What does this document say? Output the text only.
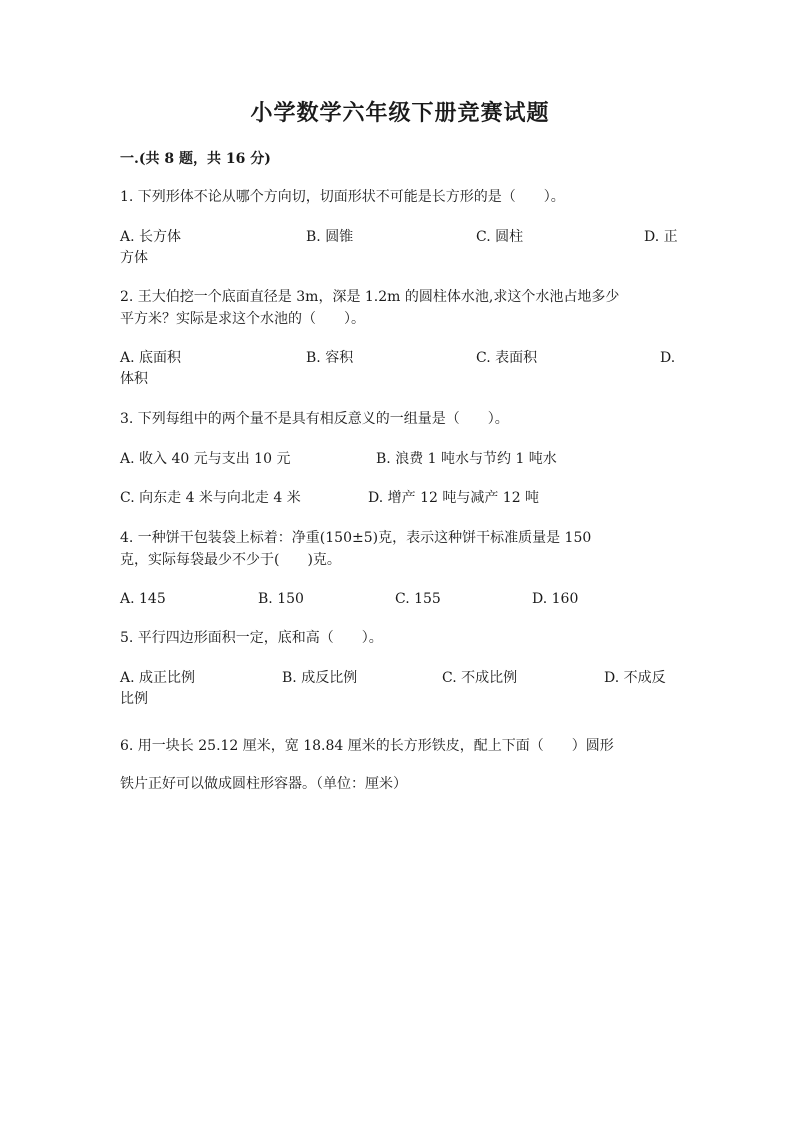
小学数学六年级下册竞赛试题
一.(共 8 题，共 16 分)
1. 下列形体不论从哪个方向切，切面形状不可能是长方形的是（　　）。
A. 长方体	B. 圆锥	C. 圆柱	D. 正
方体
2. 王大伯挖一个底面直径是 3m，深是 1.2m 的圆柱体水池,求这个水池占地多少
平方米？实际是求这个水池的（　　）。
A. 底面积	B. 容积	C. 表面积	D.
体积
3. 下列每组中的两个量不是具有相反意义的一组量是（　　）。
A. 收入 40 元与支出 10 元	B. 浪费 1 吨水与节约 1 吨水
C. 向东走 4 米与向北走 4 米	D. 增产 12 吨与减产 12 吨
4. 一种饼干包装袋上标着：净重(150±5)克，表示这种饼干标准质量是 150
克，实际每袋最少不少于(　　)克。
A. 145	B. 150	C. 155	D. 160
5. 平行四边形面积一定，底和高（　　）。
A. 成正比例	B. 成反比例	C. 不成比例	D. 不成反
比例
6. 用一块长 25.12 厘米，宽 18.84 厘米的长方形铁皮，配上下面（　　）圆形
铁片正好可以做成圆柱形容器。（单位：厘米）
